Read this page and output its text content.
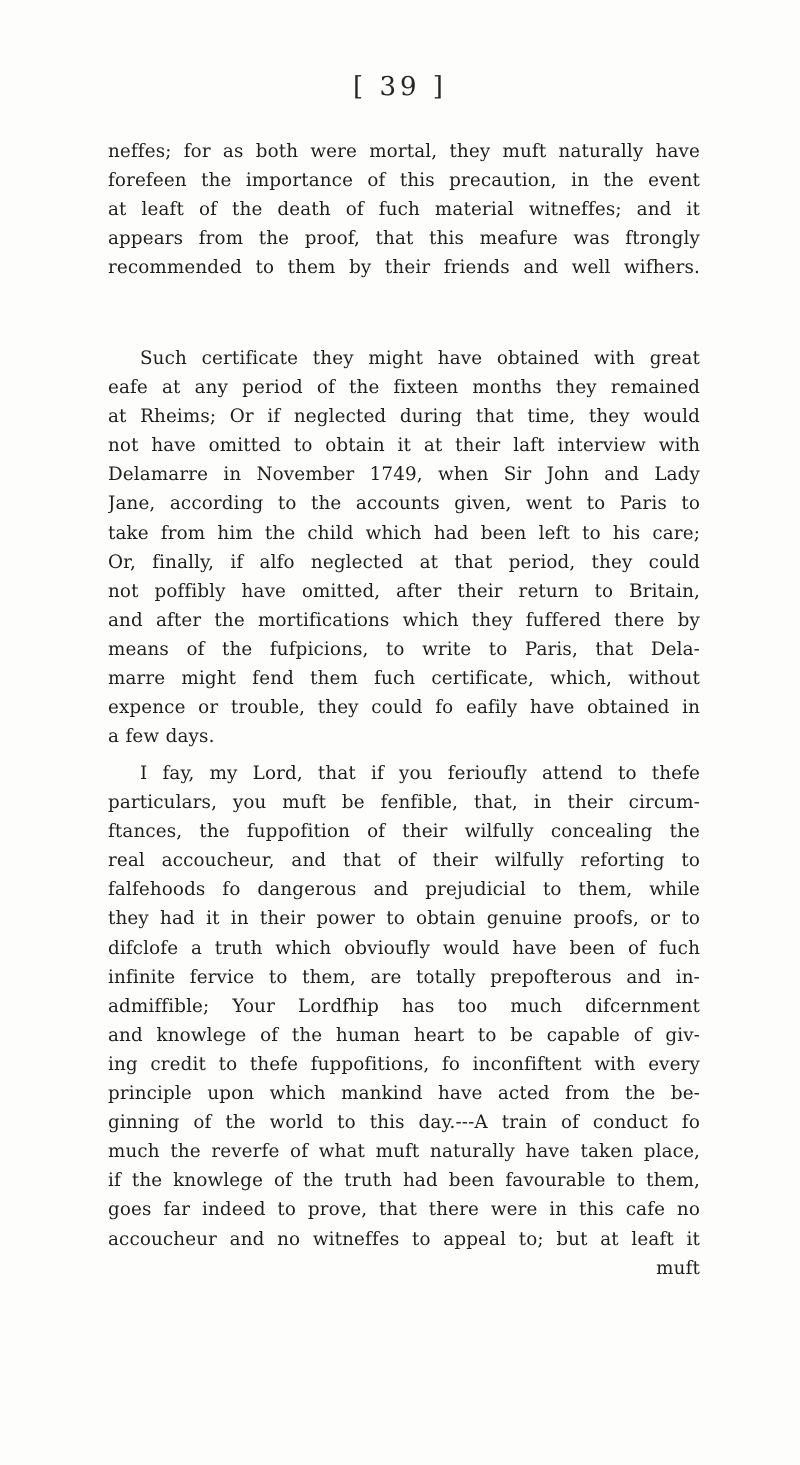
[ 39 ]
neffes; for as both were mortal, they muft naturally have
forefeen the importance of this precaution, in the event
at leaft of the death of fuch material witneffes; and it
appears from the proof, that this meafure was ftrongly
recommended to them by their friends and well wifhers.
Such certificate they might have obtained with great
eafe at any period of the fixteen months they remained
at Rheims; Or if neglected during that time, they would
not have omitted to obtain it at their laft interview with
Delamarre in November 1749, when Sir John and Lady
Jane, according to the accounts given, went to Paris to
take from him the child which had been left to his care;
Or, finally, if alfo neglected at that period, they could
not poffibly have omitted, after their return to Britain,
and after the mortifications which they fuffered there by
means of the fufpicions, to write to Paris, that Dela-
marre might fend them fuch certificate, which, without
expence or trouble, they could fo eafily have obtained in
a few days.
I fay, my Lord, that if you ferioufly attend to thefe
particulars, you muft be fenfible, that, in their circum-
ftances, the fuppofition of their wilfully concealing the
real accoucheur, and that of their wilfully reforting to
falfehoods fo dangerous and prejudicial to them, while
they had it in their power to obtain genuine proofs, or to
difclofe a truth which obvioufly would have been of fuch
infinite fervice to them, are totally prepofterous and in-
admiffible; Your Lordfhip has too much difcernment
and knowlege of the human heart to be capable of giv-
ing credit to thefe fuppofitions, fo inconfiftent with every
principle upon which mankind have acted from the be-
ginning of the world to this day.---A train of conduct fo
much the reverfe of what muft naturally have taken place,
if the knowlege of the truth had been favourable to them,
goes far indeed to prove, that there were in this cafe no
accoucheur and no witneffes to appeal to; but at leaft it
muft
